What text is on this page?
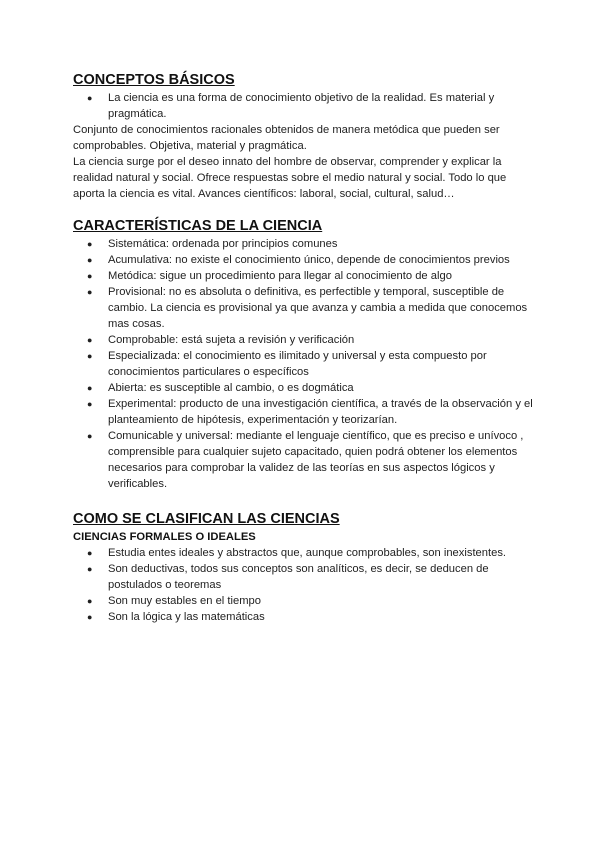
CONCEPTOS BÁSICOS
● La ciencia es una forma de conocimiento objetivo de la realidad. Es material y pragmática.

Conjunto de conocimientos racionales obtenidos de manera metódica que pueden ser comprobables. Objetiva, material y pragmática.

La ciencia surge por el deseo innato del hombre de observar, comprender y explicar la realidad natural y social. Ofrece respuestas sobre el medio natural y social. Todo lo que aporta la ciencia es vital. Avances científicos: laboral, social, cultural, salud…

CARACTERÍSTICAS DE LA CIENCIA
● Sistemática: ordenada por principios comunes
● Acumulativa: no existe el conocimiento único, depende de conocimientos previos
● Metódica: sigue un procedimiento para llegar al conocimiento de algo
● Provisional: no es absoluta o definitiva, es perfectible y temporal, susceptible de cambio. La ciencia es provisional ya que avanza y cambia a medida que conocemos mas cosas.
● Comprobable: está sujeta a revisión y verificación
● Especializada: el conocimiento es ilimitado y universal y esta compuesto por conocimientos particulares o específicos
● Abierta: es susceptible al cambio, o es dogmática
● Experimental: producto de una investigación científica, a través de la observación y el planteamiento de hipótesis, experimentación y teorizarían.
● Comunicable y universal: mediante el lenguaje científico, que es preciso e unívoco , comprensible para cualquier sujeto capacitado, quien podrá obtener los elementos necesarios para comprobar la validez de las teorías en sus aspectos lógicos y verificables.
COMO SE CLASIFICAN LAS CIENCIAS
CIENCIAS FORMALES O IDEALES
● Estudia entes ideales y abstractos que, aunque comprobables, son inexistentes.
● Son deductivas, todos sus conceptos son analíticos, es decir, se deducen de postulados o teoremas
● Son muy estables en el tiempo
● Son la lógica y las matemáticas
